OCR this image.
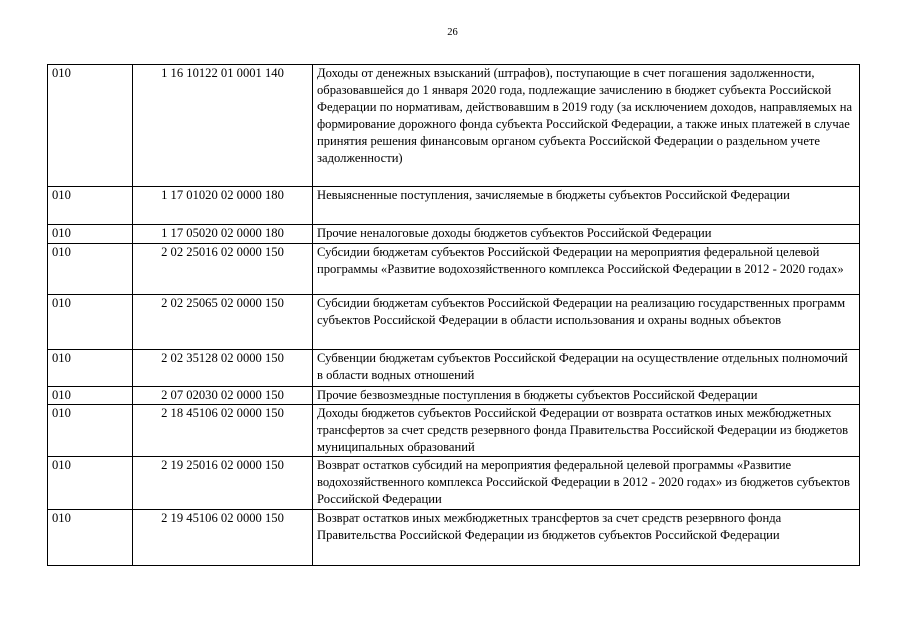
26
010	1 16 10122 01 0001 140	Доходы от денежных взысканий (штрафов), поступающие в счет погашения задолженности, образовавшейся до 1 января 2020 года, подлежащие зачислению в бюджет субъекта Российской Федерации по нормативам, действовавшим в 2019 году (за исключением доходов, направляемых на формирование дорожного фонда субъекта Российской Федерации, а также иных платежей в случае принятия решения финансовым органом субъекта Российской Федерации о раздельном учете задолженности)
010	1 17 01020 02 0000 180	Невыясненные поступления, зачисляемые в бюджеты субъектов Российской Федерации
010	1 17 05020 02 0000 180	Прочие неналоговые доходы бюджетов субъектов Российской Федерации
010	2 02 25016 02 0000 150	Субсидии бюджетам субъектов Российской Федерации на мероприятия федеральной целевой программы «Развитие водохозяйственного комплекса Российской Федерации в 2012 - 2020 годах»
010	2 02 25065 02 0000 150	Субсидии бюджетам субъектов Российской Федерации на реализацию государственных программ субъектов Российской Федерации в области использования и охраны водных объектов
010	2 02 35128 02 0000 150	Субвенции бюджетам субъектов Российской Федерации на осуществление отдельных полномочий в области водных отношений
010	2 07 02030 02 0000 150	Прочие безвозмездные поступления в бюджеты субъектов Российской Федерации
010	2 18 45106 02 0000 150	Доходы бюджетов субъектов Российской Федерации от возврата остатков иных межбюджетных трансфертов за счет средств резервного фонда Правительства Российской Федерации из бюджетов муниципальных образований
010	2 19 25016 02 0000 150	Возврат остатков субсидий на мероприятия федеральной целевой программы «Развитие водохозяйственного комплекса Российской Федерации в 2012 - 2020 годах» из бюджетов субъектов Российской Федерации
010	2 19 45106 02 0000 150	Возврат остатков иных межбюджетных трансфертов за счет средств резервного фонда Правительства Российской Федерации из бюджетов субъектов Российской Федерации
